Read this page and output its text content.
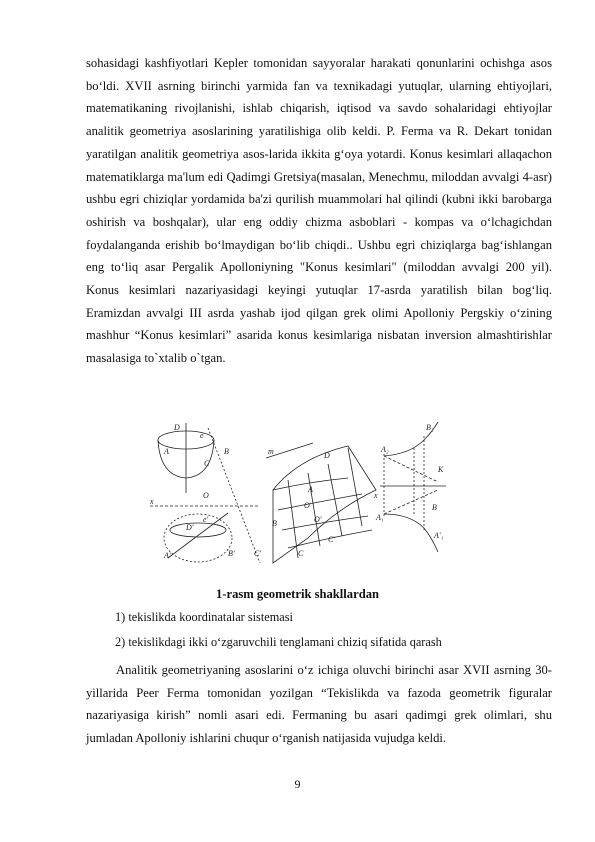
sohasidagi kashfiyotlari Kepler tomonidan sayyoralar harakati qonunlarini ochishga asos bo‘ldi. XVII asrning birinchi yarmida fan va texnikadagi yutuqlar, ularning ehtiyojlari, matematikaning rivojlanishi, ishlab chiqarish, iqtisod va savdo sohalaridagi ehtiyojlar analitik geometriya asoslarining yaratilishiga olib keldi. P. Ferma va R. Dekart tonidan yaratilgan analitik geometriya asos-larida ikkita g‘oya yotardi. Konus kesimlari allaqachon matematiklarga ma'lum edi Qadimgi Gretsiya(masalan, Menechmu, miloddan avvalgi 4-asr) ushbu egri chiziqlar yordamida ba'zi qurilish muammolari hal qilindi (kubni ikki barobarga oshirish va boshqalar), ular eng oddiy chizma asboblari - kompas va o‘lchagichdan foydalanganda erishib bo‘lmaydigan bo‘lib chiqdi.. Ushbu egri chiziqlarga bag‘ishlangan eng to‘liq asar Pergalik Apolloniyning "Konus kesimlari" (miloddan avvalgi 200 yil). Konus kesimlari nazariyasidagi keyingi yutuqlar 17-asrda yaratilish bilan bog‘liq. Eramizdan avvalgi III asrda yashab ijod qilgan grek olimi Apolloniy Pergskiy o‘zining mashhur “Konus kesimlari” asarida konus kesimlariga nisbatan inversion almashtirishlar masalasiga to`xtalib o`tgan.

D
e
A	B
C
O
x
A'
D'
e'
B' C'
m	D
A
B
O
C
O'
C'
A₂
B₂
K
x
A₁
B
A'₁
1-rasm geometrik shakllardan
1) tekislikda koordinatalar sistemasi
2) tekislikdagi ikki o‘zgaruvchili tenglamani chiziq sifatida qarash

Analitik geometriyaning asoslarini o‘z ichiga oluvchi birinchi asar XVII asrning 30-yillarida Peer Ferma tomonidan yozilgan “Tekislikda va fazoda geometrik figuralar nazariyasiga kirish” nomli asari edi. Fermaning bu asari qadimgi grek olimlari, shu jumladan Apolloniy ishlarini chuqur o‘rganish natijasida vujudga keldi.

9
